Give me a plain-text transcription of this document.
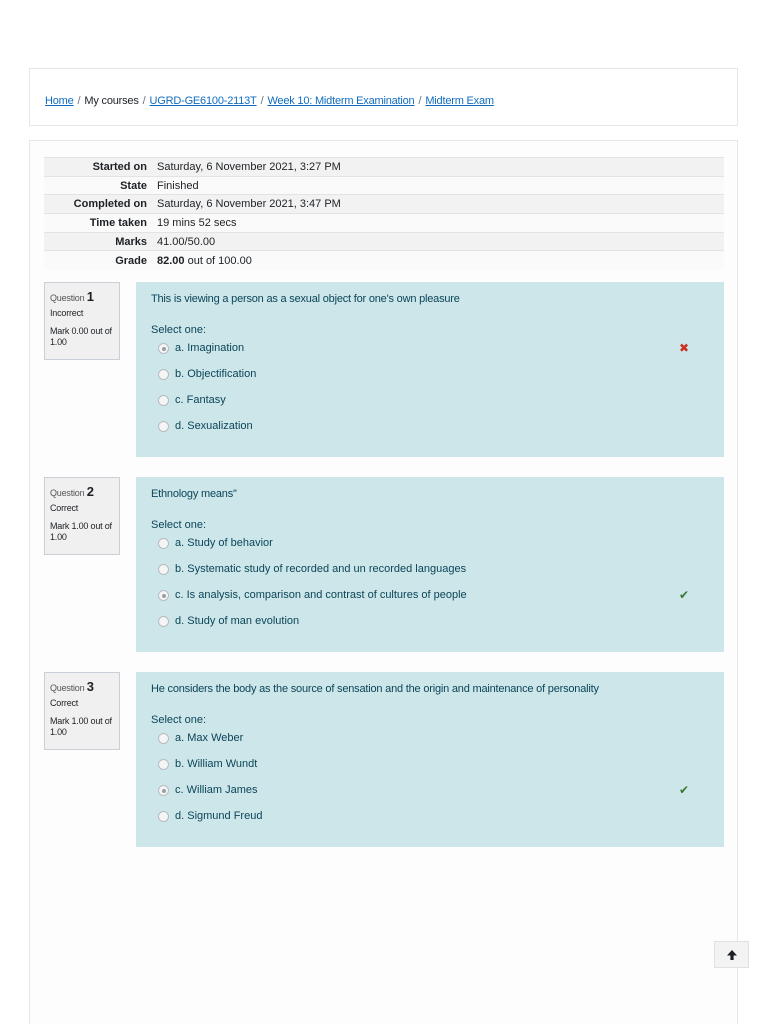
Home / My courses / UGRD-GE6100-2113T / Week 10: Midterm Examination / Midterm Exam
Started on	Saturday, 6 November 2021, 3:27 PM
State	Finished
Completed on	Saturday, 6 November 2021, 3:47 PM
Time taken	19 mins 52 secs
Marks	41.00/50.00
Grade	82.00 out of 100.00
Question 1
Incorrect
Mark 0.00 out of 1.00
This is viewing a person as a sexual object for one's own pleasure
Select one:
a. Imagination	✖
b. Objectification
c. Fantasy
d. Sexualization
Question 2
Correct
Mark 1.00 out of 1.00
Ethnology means''
Select one:
a. Study of behavior
b. Systematic study of recorded and un recorded languages
c. Is analysis, comparison and contrast of cultures of people	✔
d. Study of man evolution
Question 3
Correct
Mark 1.00 out of 1.00
He considers the body as the source of sensation and the origin and maintenance of personality
Select one:
a. Max Weber
b. William Wundt
c. William James	✔
d. Sigmund Freud
